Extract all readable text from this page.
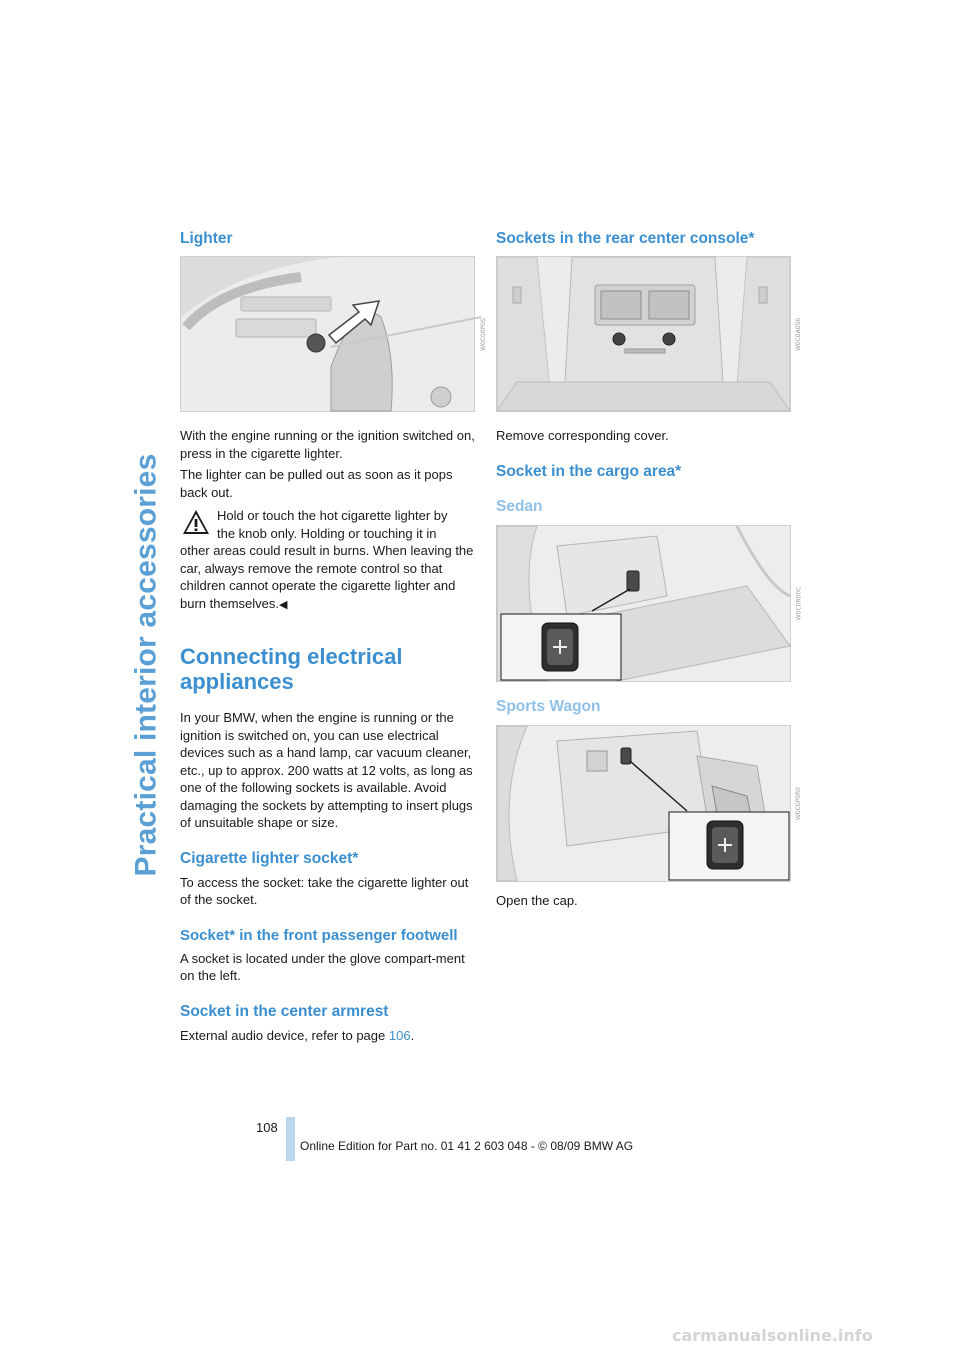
Practical interior accessories
Lighter
W0C00P0S

With the engine running or the ignition switched on, press in the cigarette lighter.

The lighter can be pulled out as soon as it pops back out.

Hold or touch the hot cigarette lighter by

the knob only. Holding or touching it in

other areas could result in burns. When leaving the car, always remove the remote control so that children cannot operate the cigarette lighter and burn themselves.◀

Connecting electrical appliances

In your BMW, when the engine is running or the ignition is switched on, you can use electrical devices such as a hand lamp, car vacuum cleaner, etc., up to approx. 200 watts at 12 volts, as long as one of the following sockets is available. Avoid damaging the sockets by attempting to insert plugs of unsuitable shape or size.

Cigarette lighter socket*

To access the socket: take the cigarette lighter out of the socket.

Socket* in the front passenger footwell

A socket is located under the glove compart-ment on the left.

Socket in the center armrest

External audio device, refer to page 106.

Sockets in the rear center console*
W0C0A0S0

Remove corresponding cover.

Socket in the cargo area*
Sedan
W0C0R00C
Sports Wagon
W0C0P0R0

Open the cap.

108
Online Edition for Part no. 01 41 2 603 048 - © 08/09 BMW AG
carmanualsonline.info
